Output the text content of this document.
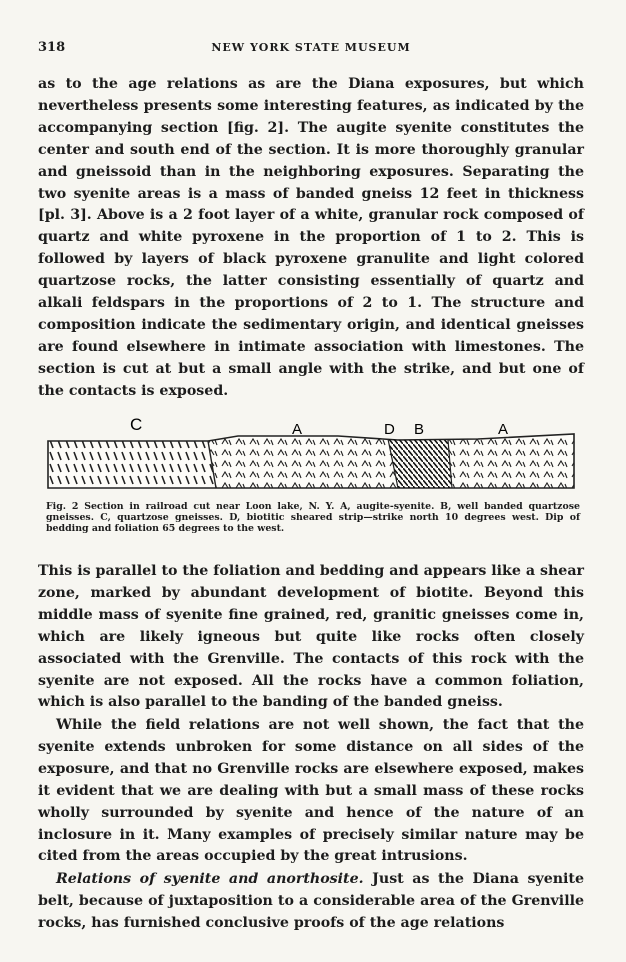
318	NEW YORK STATE MUSEUM
as to the age relations as are the Diana exposures, but which nevertheless presents some interesting features, as indicated by the accompanying section [fig. 2]. The augite syenite constitutes the center and south end of the section. It is more thoroughly granular and gneissoid than in the neighboring exposures. Separating the two syenite areas is a mass of banded gneiss 12 feet in thickness [pl. 3]. Above is a 2 foot layer of a white, granular rock composed of quartz and white pyroxene in the proportion of 1 to 2. This is followed by layers of black pyroxene granulite and light colored quartzose rocks, the latter consisting essentially of quartz and alkali feldspars in the proportions of 2 to 1. The structure and composition indicate the sedimentary origin, and identical gneisses are found elsewhere in intimate association with limestones. The section is cut at but a small angle with the strike, and but one of the contacts is exposed.
C	A	D B	A
Fig. 2 Section in railroad cut near Loon lake, N. Y. A, augite-syenite. B, well banded quartzose gneisses. C, quartzose gneisses. D, biotitic sheared strip—strike north 10 degrees west. Dip of bedding and foliation 65 degrees to the west.
This is parallel to the foliation and bedding and appears like a shear zone, marked by abundant development of biotite. Beyond this middle mass of syenite fine grained, red, granitic gneisses come in, which are likely igneous but quite like rocks often closely associated with the Grenville. The contacts of this rock with the syenite are not exposed. All the rocks have a common foliation, which is also parallel to the banding of the banded gneiss.
While the field relations are not well shown, the fact that the syenite extends unbroken for some distance on all sides of the exposure, and that no Grenville rocks are elsewhere exposed, makes it evident that we are dealing with but a small mass of these rocks wholly surrounded by syenite and hence of the nature of an inclosure in it. Many examples of precisely similar nature may be cited from the areas occupied by the great intrusions.
Relations of syenite and anorthosite. Just as the Diana syenite belt, because of juxtaposition to a considerable area of the Grenville rocks, has furnished conclusive proofs of the age relations
